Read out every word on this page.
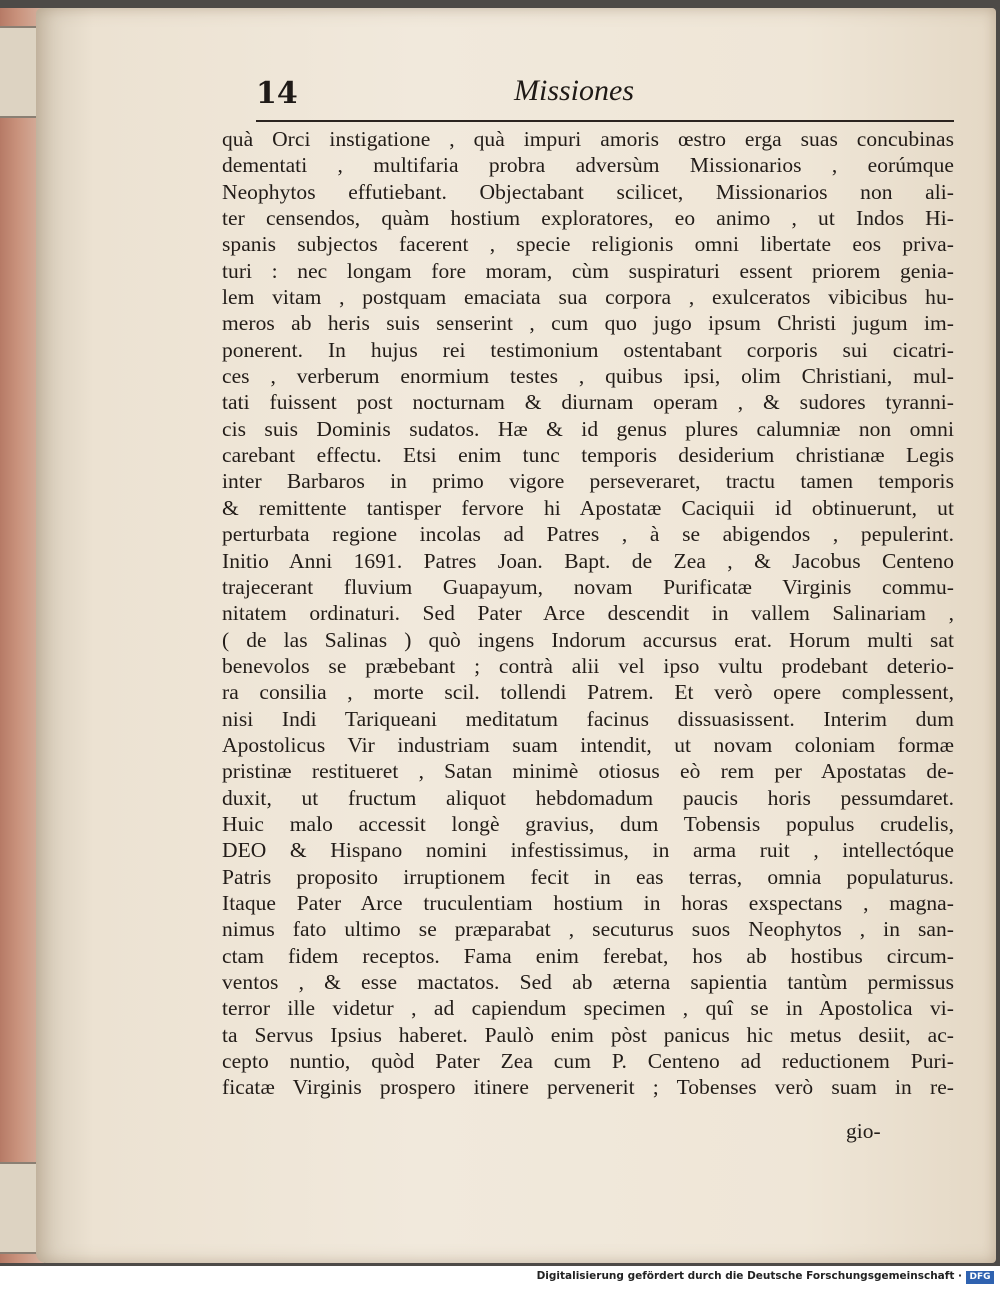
14	Missiones
quà Orci instigatione , quà impuri amoris œstro erga suas concubinas
dementati , multifaria probra adversùm Missionarios , eorúmque
Neophytos effutiebant. Objectabant scilicet, Missionarios non ali-
ter censendos, quàm hostium exploratores, eo animo , ut Indos Hi-
spanis subjectos facerent , specie religionis omni libertate eos priva-
turi : nec longam fore moram, cùm suspiraturi essent priorem genia-
lem vitam , postquam emaciata sua corpora , exulceratos vibicibus hu-
meros ab heris suis senserint , cum quo jugo ipsum Christi jugum im-
ponerent. In hujus rei testimonium ostentabant corporis sui cicatri-
ces , verberum enormium testes , quibus ipsi, olim Christiani, mul-
tati fuissent post nocturnam & diurnam operam , & sudores tyranni-
cis suis Dominis sudatos. Hæ & id genus plures calumniæ non omni
carebant effectu. Etsi enim tunc temporis desiderium christianæ Legis
inter Barbaros in primo vigore perseveraret, tractu tamen temporis
& remittente tantisper fervore hi Apostatæ Caciquii id obtinuerunt, ut
perturbata regione incolas ad Patres , à se abigendos , pepulerint.
Initio Anni 1691. Patres Joan. Bapt. de Zea , & Jacobus Centeno
trajecerant fluvium Guapayum, novam Purificatæ Virginis commu-
nitatem ordinaturi. Sed Pater Arce descendit in vallem Salinariam ,
( de las Salinas ) quò ingens Indorum accursus erat. Horum multi sat
benevolos se præbebant ; contrà alii vel ipso vultu prodebant deterio-
ra consilia , morte scil. tollendi Patrem. Et verò opere complessent,
nisi Indi Tariqueani meditatum facinus dissuasissent. Interim dum
Apostolicus Vir industriam suam intendit, ut novam coloniam formæ
pristinæ restitueret , Satan minimè otiosus eò rem per Apostatas de-
duxit, ut fructum aliquot hebdomadum paucis horis pessumdaret.
Huic malo accessit longè gravius, dum Tobensis populus crudelis,
DEO & Hispano nomini infestissimus, in arma ruit , intellectóque
Patris proposito irruptionem fecit in eas terras, omnia populaturus.
Itaque Pater Arce truculentiam hostium in horas exspectans , magna-
nimus fato ultimo se præparabat , secuturus suos Neophytos , in san-
ctam fidem receptos. Fama enim ferebat, hos ab hostibus circum-
ventos , & esse mactatos. Sed ab æterna sapientia tantùm permissus
terror ille videtur , ad capiendum specimen , quî se in Apostolica vi-
ta Servus Ipsius haberet. Paulò enim pòst panicus hic metus desiit, ac-
cepto nuntio, quòd Pater Zea cum P. Centeno ad reductionem Puri-
ficatæ Virginis prospero itinere pervenerit ; Tobenses verò suam in re-
gio-
Digitalisierung gefördert durch die Deutsche Forschungsgemeinschaft · DFG
